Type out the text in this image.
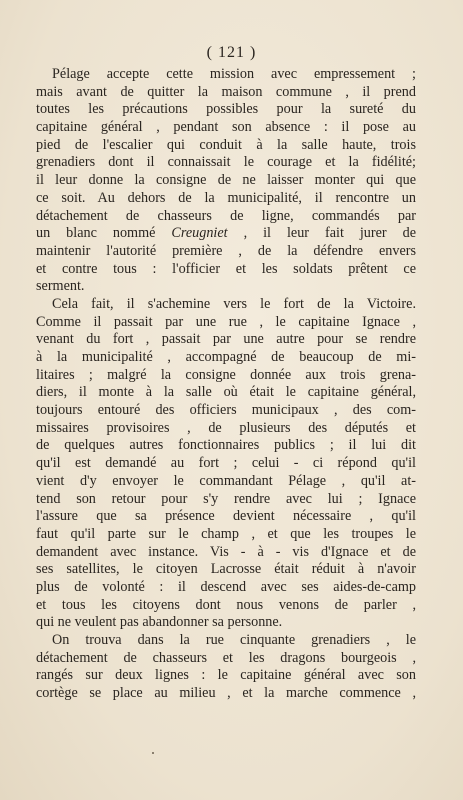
( 121 )
Pélage accepte cette mission avec empressement ;
mais avant de quitter la maison commune , il prend
toutes les précautions possibles pour la sureté du
capitaine général , pendant son absence : il pose au
pied de l'escalier qui conduit à la salle haute, trois
grenadiers dont il connaissait le courage et la fidélité;
il leur donne la consigne de ne laisser monter qui que
ce soit. Au dehors de la municipalité, il rencontre un
détachement de chasseurs de ligne, commandés par
un blanc nommé Creugniet , il leur fait jurer de
maintenir l'autorité première , de la défendre envers
et contre tous : l'officier et les soldats prêtent ce
serment.
Cela fait, il s'achemine vers le fort de la Victoire.
Comme il passait par une rue , le capitaine Ignace ,
venant du fort , passait par une autre pour se rendre
à la municipalité , accompagné de beaucoup de mi-
litaires ; malgré la consigne donnée aux trois grena-
diers, il monte à la salle où était le capitaine général,
toujours entouré des officiers municipaux , des com-
missaires provisoires , de plusieurs des députés et
de quelques autres fonctionnaires publics ; il lui dit
qu'il est demandé au fort ; celui - ci répond qu'il
vient d'y envoyer le commandant Pélage , qu'il at-
tend son retour pour s'y rendre avec lui ; Ignace
l'assure que sa présence devient nécessaire , qu'il
faut qu'il parte sur le champ , et que les troupes le
demandent avec instance. Vis - à - vis d'Ignace et de
ses satellites, le citoyen Lacrosse était réduit à n'avoir
plus de volonté : il descend avec ses aides-de-camp
et tous les citoyens dont nous venons de parler ,
qui ne veulent pas abandonner sa personne.
On trouva dans la rue cinquante grenadiers , le
détachement de chasseurs et les dragons bourgeois ,
rangés sur deux lignes : le capitaine général avec son
cortège se place au milieu , et la marche commence ,
